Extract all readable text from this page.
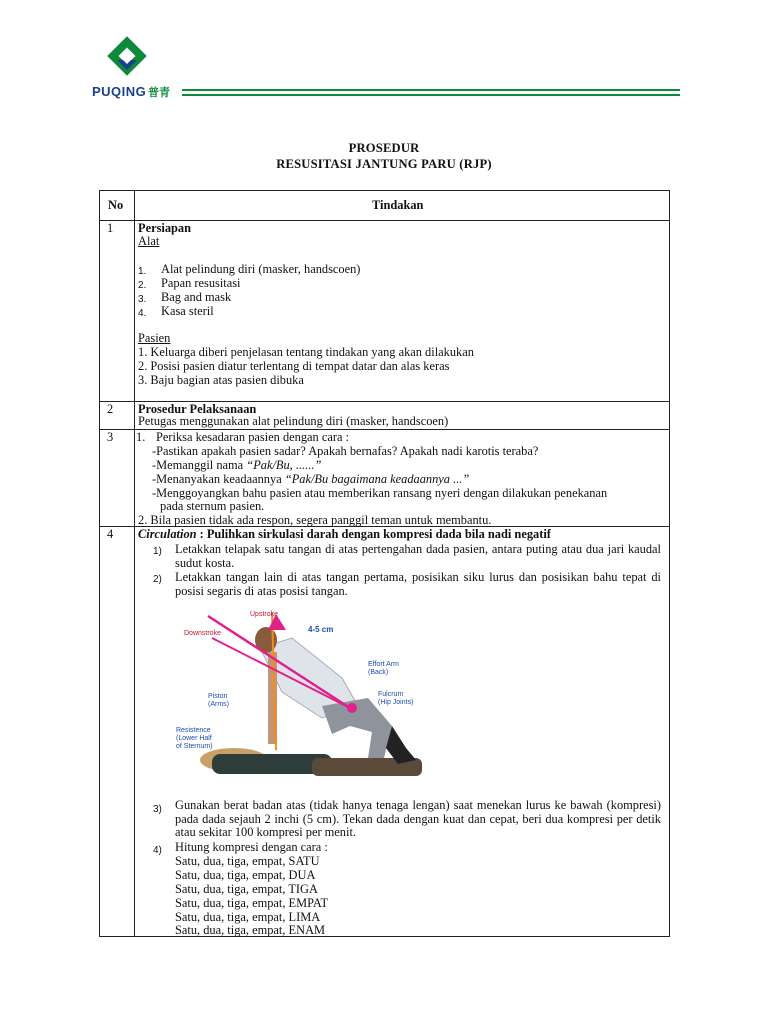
PUQING 普青
PROSEDUR
RESUSITASI JANTUNG PARU (RJP)
No	Tindakan
1 Persiapan
Alat
1. Alat pelindung diri (masker, handscoen)
2. Papan resusitasi
3. Bag and mask
4. Kasa steril
Pasien
1. Keluarga diberi penjelasan tentang tindakan yang akan dilakukan
2. Posisi pasien diatur terlentang di tempat datar dan alas keras
3. Baju bagian atas pasien dibuka
2 Prosedur Pelaksanaan
Petugas menggunakan alat pelindung diri (masker, handscoen)
3 1. Periksa kesadaran pasien dengan cara :
-Pastikan apakah pasien sadar? Apakah bernafas? Apakah nadi karotis teraba?
-Memanggil nama “Pak/Bu, ......”
-Menanyakan keadaannya “Pak/Bu bagaimana keadaannya ...”
-Menggoyangkan bahu pasien atau memberikan ransang nyeri dengan dilakukan penekanan
pada sternum pasien.
2. Bila pasien tidak ada respon, segera panggil teman untuk membantu.
4 Circulation : Pulihkan sirkulasi darah dengan kompresi dada bila nadi negatif
1) Letakkan telapak satu tangan di atas pertengahan dada pasien, antara puting atau dua jari kaudal sudut kosta.
2) Letakkan tangan lain di atas tangan pertama, posisikan siku lurus dan posisikan bahu tepat di posisi segaris di atas posisi tangan.
Upstroke
Downstroke	4-5 cm
Effort Arm
(Back)
Fulcrum
(Hip Joints)
Piston
(Arms)
Resistence
(Lower Half
of Sternum)
3) Gunakan berat badan atas (tidak hanya tenaga lengan) saat menekan lurus ke bawah (kompresi) pada dada sejauh 2 inchi (5 cm). Tekan dada dengan kuat dan cepat, beri dua kompresi per detik atau sekitar 100 kompresi per menit.
4) Hitung kompresi dengan cara :
Satu, dua, tiga, empat, SATU
Satu, dua, tiga, empat, DUA
Satu, dua, tiga, empat, TIGA
Satu, dua, tiga, empat, EMPAT
Satu, dua, tiga, empat, LIMA
Satu, dua, tiga, empat, ENAM
